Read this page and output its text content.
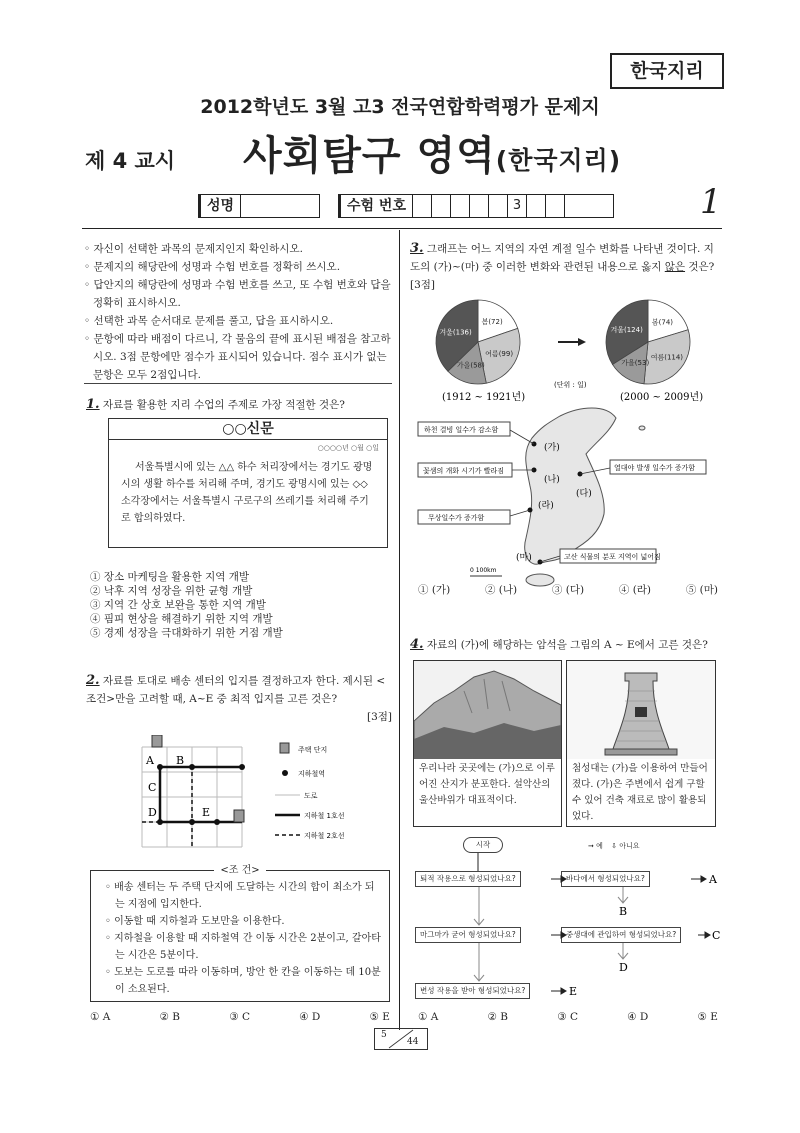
한국지리
2012학년도 3월 고3 전국연합학력평가 문제지
제 4 교시 사회탐구 영역(한국지리)
성명	수험 번호	3	1
◦ 자신이 선택한 과목의 문제지인지 확인하시오.
◦ 문제지의 해당란에 성명과 수험 번호를 정확히 쓰시오.
◦ 답안지의 해당란에 성명과 수험 번호를 쓰고, 또 수험 번호와 답을 정확히 표시하시오.
◦ 선택한 과목 순서대로 문제를 풀고, 답을 표시하시오.
◦ 문항에 따라 배점이 다르니, 각 물음의 끝에 표시된 배점을 참고하시오. 3점 문항에만 점수가 표시되어 있습니다. 점수 표시가 없는 문항은 모두 2점입니다.
1. 자료를 활용한 지리 수업의 주제로 가장 적절한 것은?
○○신문
○○○○년 ○월 ○일
서울특별시에 있는 △△ 하수 처리장에서는 경기도 광명시의 생활 하수를 처리해 주며, 경기도 광명시에 있는 ◇◇ 소각장에서는 서울특별시 구로구의 쓰레기를 처리해 주기로 합의하였다.
① 장소 마케팅을 활용한 지역 개발
② 낙후 지역 성장을 위한 균형 개발
③ 지역 간 상호 보완을 통한 지역 개발
④ 핌피 현상을 해결하기 위한 지역 개발
⑤ 경제 성장을 극대화하기 위한 거점 개발
2. 자료를 토대로 배송 센터의 입지를 결정하고자 한다. 제시된 <조건>만을 고려할 때, A~E 중 최적 입지를 고른 것은?
[3점]
A B
C
D	E
주택 단지
지하철역
도로
지하철 1호선
지하철 2호선
<조 건>
◦ 배송 센터는 두 주택 단지에 도달하는 시간의 합이 최소가 되는 지점에 입지한다.
◦ 이동할 때 지하철과 도보만을 이용한다.
◦ 지하철을 이용할 때 지하철역 간 이동 시간은 2분이고, 갈아타는 시간은 5분이다.
◦ 도보는 도로를 따라 이동하며, 방안 한 칸을 이동하는 데 10분이 소요된다.
① A	② B	③ C	④ D	⑤ E
3. 그래프는 어느 지역의 자연 계절 일수 변화를 나타낸 것이다. 지도의 (가)~(마) 중 이러한 변화와 관련된 내용으로 옳지 않은 것은? [3점]
(단위 : 일)
(1912 ~ 1921년)	(2000 ~ 2009년)
봄(72)
여름(99)
가을(58)
겨울(136)
봄(74)
여름(114)
가을(53)
겨울(124)
하천 결빙 일수가 감소함
꽃샘의 개화 시기가 빨라짐	열대야 발생 일수가 증가함
무상일수가 증가함
고산 식물의 분포 지역이 넓어짐
(가)
(나)
(다)
(라)
(마)
0 100km
① (가)	② (나)	③ (다)	④ (라)	⑤ (마)
4. 자료의 (가)에 해당하는 암석을 그림의 A ~ E에서 고른 것은?
우리나라 곳곳에는 (가)으로 이루어진 산지가 분포한다. 설악산의 울산바위가 대표적이다.
첨성대는 (가)을 이용하여 만들어졌다. (가)은 주변에서 쉽게 구할 수 있어 건축 재료로 많이 활용되었다.
시작	➞ 예 ⇩ 아니요
퇴적 작용으로 형성되었나요?	바다에서 형성되었나요?
마그마가 굳어 형성되었나요?	중생대에 관입하여 형성되었나요?
변성 작용을 받아 형성되었나요?
A
B
C
D
E
① A	② B	③ C	④ D	⑤ E
5
44
